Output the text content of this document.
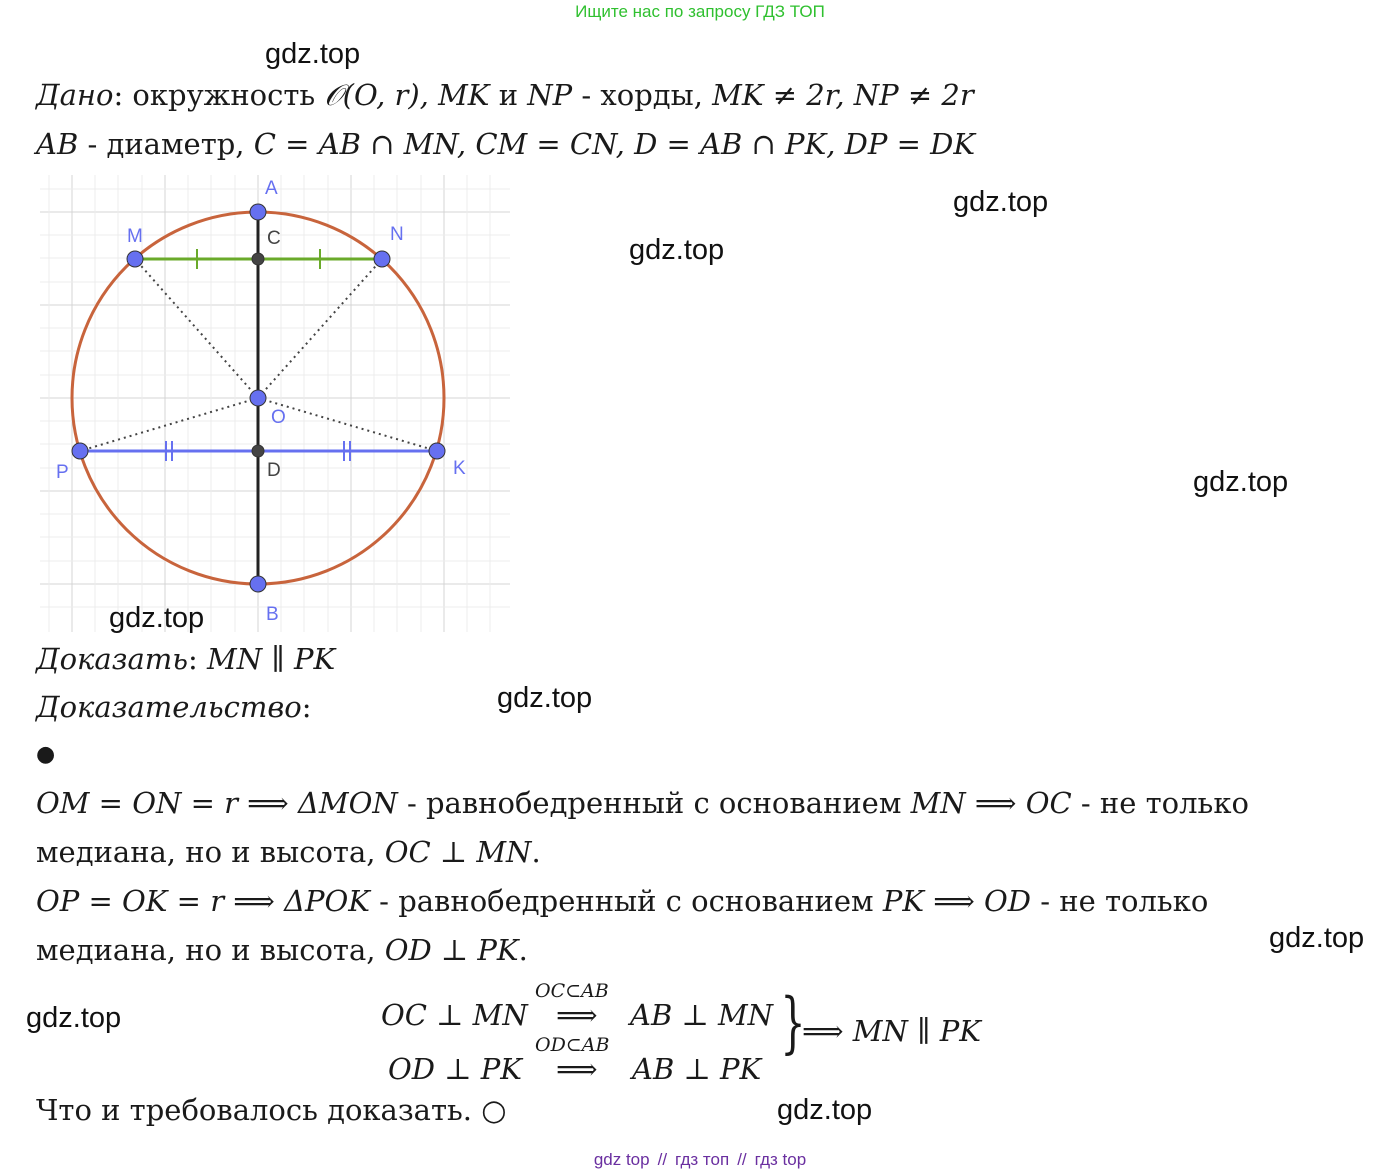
Ищите нас по запросу ГДЗ ТОП
gdz.top
gdz.top
gdz.top
gdz.top
gdz.top
gdz.top
gdz.top
gdz.top
Дано: окружность 𝒪(O, r), MK и NP - хорды, MK ≠ 2r, NP ≠ 2r
AB - диаметр, C = AB ∩ MN, CM = CN, D = AB ∩ PK, DP = DK
A
B
C
D
O
M	N
P	K
gdz.top
Доказать: MN ∥ PK
Доказательство:
●
OM = ON = r ⟹ ΔMON - равнобедренный с основанием MN ⟹ OC - не только
медиана, но и высота, OC ⊥ MN.
OP = OK = r ⟹ ΔPOK - равнобедренный с основанием PK ⟹ OD - не только
медиана, но и высота, OD ⊥ PK.
OC ⊥ MN
OC⊂AB
⟹ AB ⊥ MN
OD ⊥ PK
OD⊂AB
⟹ AB ⊥ PK
}
⟹ MN ∥ PK
Что и требовалось доказать. ○
gdz top // гдз топ // гдз top
gdz.top
